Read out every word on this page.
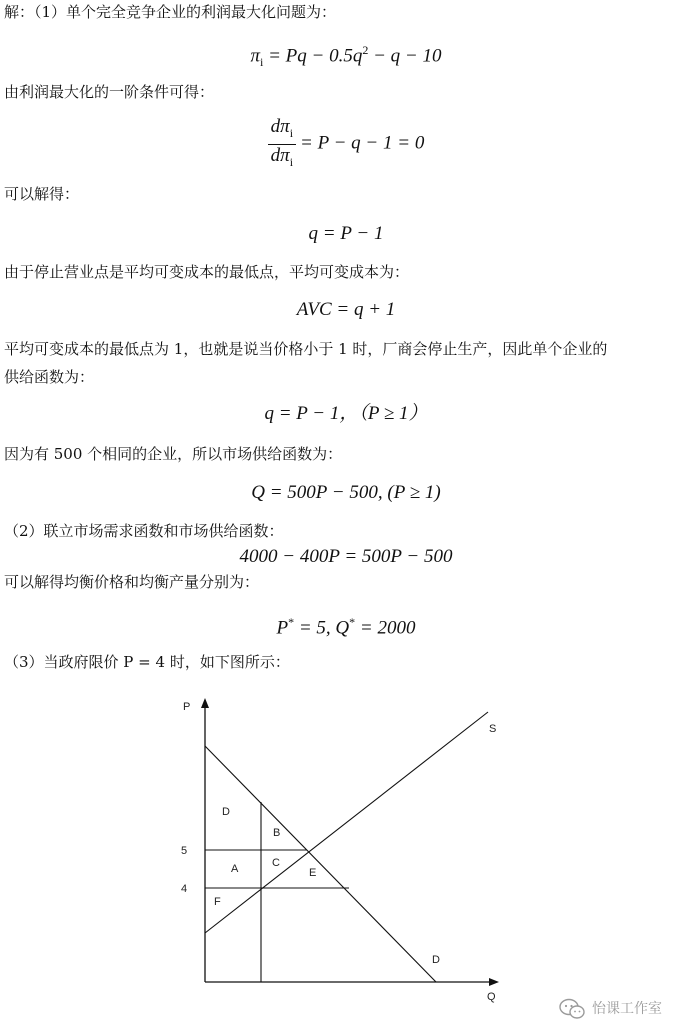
解：（1）单个完全竞争企业的利润最大化问题为：
$\pi_i = Pq - 0.5q^2 - q - 10$
由利润最大化的一阶条件可得：
$\frac{d\pi_i}{d\pi_i} = P - q - 1 = 0$
可以解得：
q = P − 1
由于停止营业点是平均可变成本的最低点，平均可变成本为：
AVC = q + 1
平均可变成本的最低点为 1，也就是说当价格小于 1 时，厂商会停止生产，因此单个企业的
供给函数为：
q = P − 1，（P ≥ 1）
因为有 500 个相同的企业，所以市场供给函数为：
Q = 500P − 500, (P ≥ 1)
（2）联立市场需求函数和市场供给函数：
4000 − 400P = 500P − 500
可以解得均衡价格和均衡产量分别为：
P* = 5, Q* = 2000
（3）当政府限价 P = 4 时，如下图所示：
P
Q
5
4
S
D
D
B
A	C
E
F
怡课工作室
